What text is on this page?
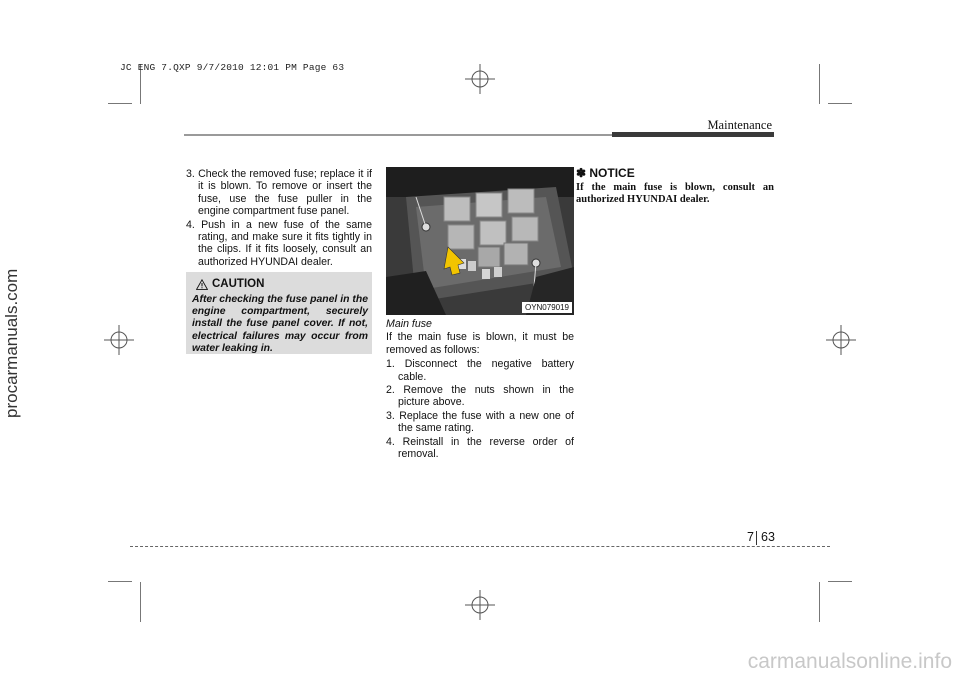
JC ENG 7.QXP 9/7/2010 12:01 PM Page 63
Maintenance
procarmanuals.com
3. Check the removed fuse; replace it if it is blown. To remove or insert the fuse, use the fuse puller in the engine compartment fuse panel.
4. Push in a new fuse of the same rating, and make sure it fits tightly in the clips. If it fits loosely, consult an authorized HYUNDAI dealer.
CAUTION
After checking the fuse panel in the engine compartment, securely install the fuse panel cover. If not, electrical failures may occur from water leaking in.
OYN079019
Main fuse
If the main fuse is blown, it must be removed as follows:
1. Disconnect the negative battery cable.
2. Remove the nuts shown in the picture above.
3. Replace the fuse with a new one of the same rating.
4. Reinstall in the reverse order of removal.
✽ NOTICE
If the main fuse is blown, consult an authorized HYUNDAI dealer.
7 63
carmanualsonline.info
